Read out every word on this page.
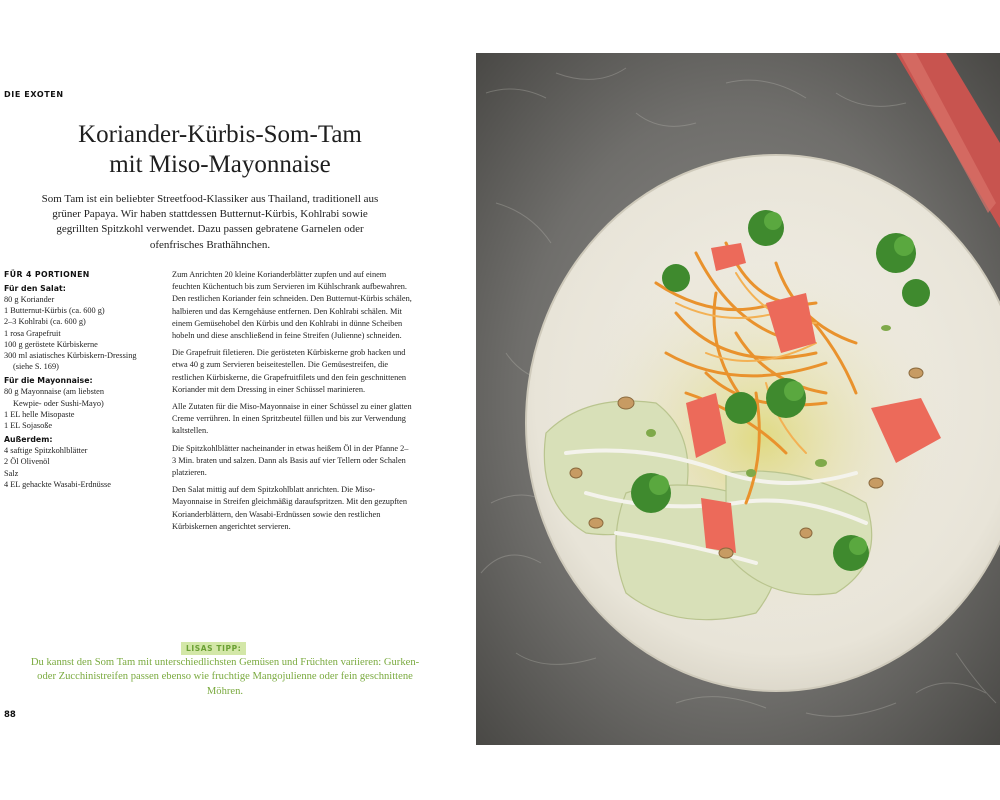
DIE EXOTEN
Koriander-Kürbis-Som-Tam
mit Miso-Mayonnaise

Som Tam ist ein beliebter Streetfood-Klassiker aus Thailand, traditionell aus grüner Papaya. Wir haben stattdessen Butternut-Kürbis, Kohlrabi sowie gegrillten Spitzkohl verwendet. Dazu passen gebratene Garnelen oder ofenfrisches Brathähnchen.

FÜR 4 PORTIONEN
Für den Salat:
80 g Koriander
1 Butternut-Kürbis (ca. 600 g)
2–3 Kohlrabi (ca. 600 g)
1 rosa Grapefruit
100 g geröstete Kürbiskerne
300 ml asiatisches Kürbiskern-Dressing
(siehe S. 169)
Für die Mayonnaise:
80 g Mayonnaise (am liebsten
Kewpie- oder Sushi-Mayo)
1 EL helle Misopaste
1 EL Sojasoße
Außerdem:
4 saftige Spitzkohlblätter
2 Öl Olivenöl
Salz
4 EL gehackte Wasabi-Erdnüsse

Zum Anrichten 20 kleine Korianderblätter zupfen und auf einem feuchten Küchentuch bis zum Servieren im Kühlschrank aufbewahren. Den restlichen Koriander fein schneiden. Den Butternut-Kürbis schälen, halbieren und das Kerngehäuse entfernen. Den Kohlrabi schälen. Mit einem Gemüsehobel den Kürbis und den Kohlrabi in dünne Scheiben hobeln und diese anschließend in feine Streifen (Julienne) schneiden.

Die Grapefruit filetieren. Die gerösteten Kürbiskerne grob hacken und etwa 40 g zum Servieren beiseitestellen. Die Gemüsestreifen, die restlichen Kürbiskerne, die Grapefruitfilets und den fein geschnittenen Koriander mit dem Dressing in einer Schüssel marinieren.

Alle Zutaten für die Miso-Mayonnaise in einer Schüssel zu einer glatten Creme verrühren. In einen Spritzbeutel füllen und bis zur Verwendung kaltstellen.

Die Spitzkohlblätter nacheinander in etwas heißem Öl in der Pfanne 2–3 Min. braten und salzen. Dann als Basis auf vier Tellern oder Schalen platzieren.

Den Salat mittig auf dem Spitzkohlblatt anrichten. Die Miso-Mayonnaise in Streifen gleichmäßig daraufspritzen. Mit den gezupften Korianderblättern, den Wasabi-Erdnüssen sowie den restlichen Kürbiskernen angerichtet servieren.

LISAS TIPP:

Du kannst den Som Tam mit unterschiedlichsten Gemüsen und Früchten variieren: Gurken- oder Zucchinistreifen passen ebenso wie fruchtige Mangojulienne oder fein geschnittene Möhren.

88
